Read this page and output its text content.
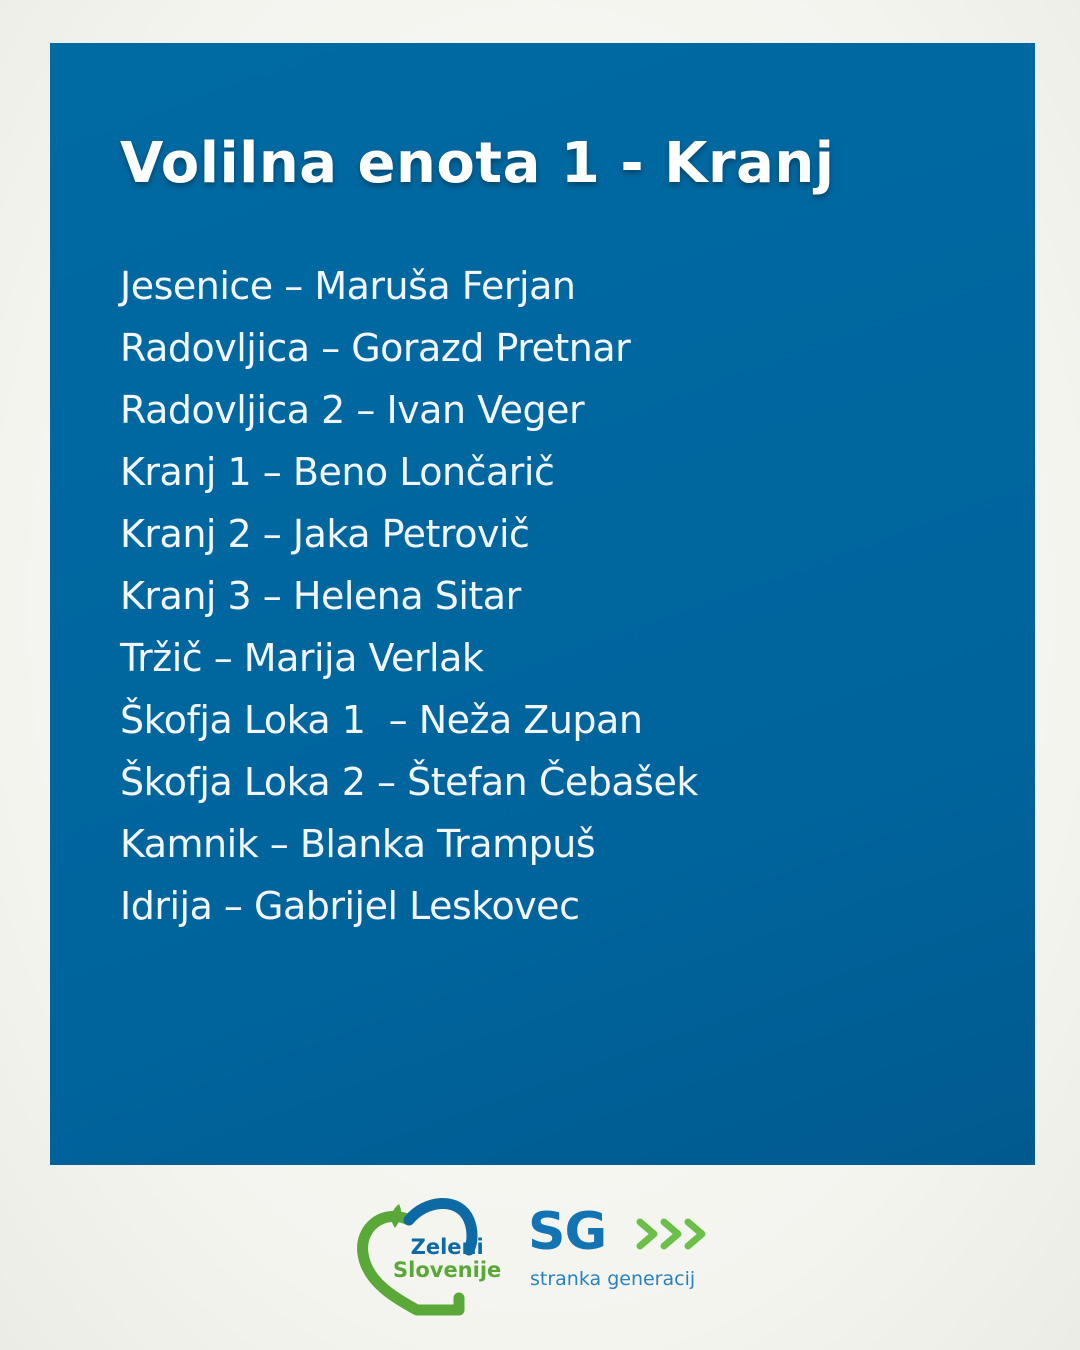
Volilna enota 1 - Kranj
Jesenice – Maruša Ferjan
Radovljica – Gorazd Pretnar
Radovljica 2 – Ivan Veger
Kranj 1 – Beno Lončarič
Kranj 2 – Jaka Petrovič
Kranj 3 – Helena Sitar
Tržič – Marija Verlak
Škofja Loka 1  – Neža Zupan
Škofja Loka 2 – Štefan Čebašek
Kamnik – Blanka Trampuš
Idrija – Gabrijel Leskovec
Zeleni
Slovenije
SG
stranka generacij
